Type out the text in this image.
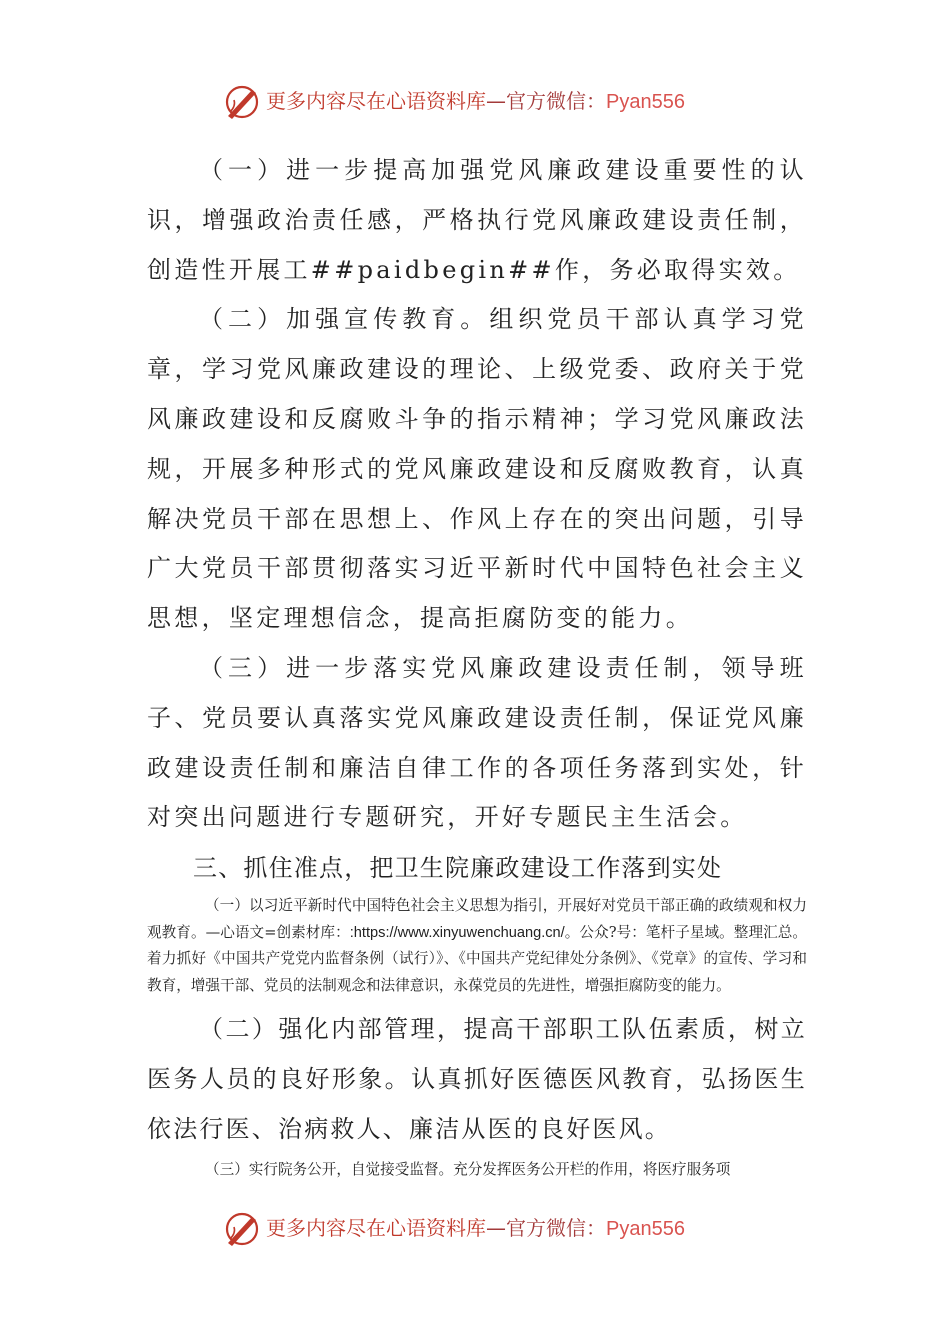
更多内容尽在心语资料库—官方微信：Pyan556

（一）进一步提高加强党风廉政建设重要性的认识，增强政治责任感，严格执行党风廉政建设责任制，创造性开展工##paidbegin##作，务必取得实效。

（二）加强宣传教育。组织党员干部认真学习党章，学习党风廉政建设的理论、上级党委、政府关于党风廉政建设和反腐败斗争的指示精神；学习党风廉政法规，开展多种形式的党风廉政建设和反腐败教育，认真解决党员干部在思想上、作风上存在的突出问题，引导广大党员干部贯彻落实习近平新时代中国特色社会主义思想，坚定理想信念，提高拒腐防变的能力。

（三）进一步落实党风廉政建设责任制，领导班子、党员要认真落实党风廉政建设责任制，保证党风廉政建设责任制和廉洁自律工作的各项任务落到实处，针对突出问题进行专题研究，开好专题民主生活会。

三、抓住准点，把卫生院廉政建设工作落到实处

（一）以习近平新时代中国特色社会主义思想为指引，开展好对党员干部正确的政绩观和权力观教育。—心语文=创素材库：:https://www.xinyuwenchuang.cn/。公众?号：笔杆子星域。整理汇总。着力抓好《中国共产党党内监督条例（试行）》、《中国共产党纪律处分条例》、《党章》的宣传、学习和教育，增强干部、党员的法制观念和法律意识，永葆党员的先进性，增强拒腐防变的能力。

（二）强化内部管理，提高干部职工队伍素质，树立医务人员的良好形象。认真抓好医德医风教育，弘扬医生依法行医、治病救人、廉洁从医的良好医风。

（三）实行院务公开，自觉接受监督。充分发挥医务公开栏的作用，将医疗服务项

更多内容尽在心语资料库—官方微信：Pyan556
